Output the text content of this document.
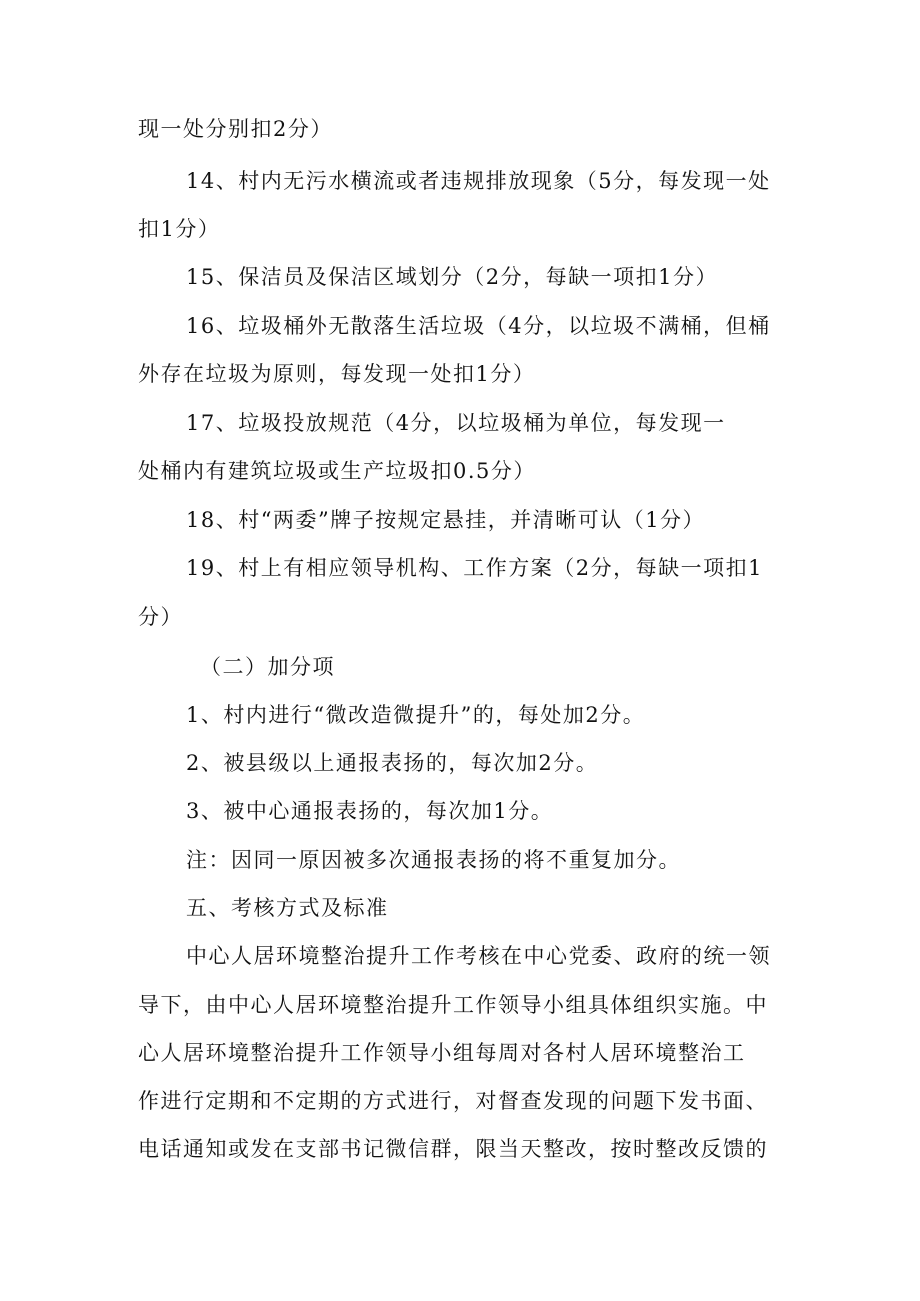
现一处分别扣2分）
14、村内无污水横流或者违规排放现象（5分，每发现一处
扣1分）
15、保洁员及保洁区域划分（2分，每缺一项扣1分）
16、垃圾桶外无散落生活垃圾（4分，以垃圾不满桶，但桶
外存在垃圾为原则，每发现一处扣1分）
17、垃圾投放规范（4分，以垃圾桶为单位，每发现一
处桶内有建筑垃圾或生产垃圾扣0.5分）
18、村“两委”牌子按规定悬挂，并清晰可认（1分）
19、村上有相应领导机构、工作方案（2分，每缺一项扣1
分）
（二）加分项
1、村内进行“微改造微提升”的，每处加2分。
2、被县级以上通报表扬的，每次加2分。
3、被中心通报表扬的，每次加1分。
注：因同一原因被多次通报表扬的将不重复加分。
五、考核方式及标准
中心人居环境整治提升工作考核在中心党委、政府的统一领
导下，由中心人居环境整治提升工作领导小组具体组织实施。中
心人居环境整治提升工作领导小组每周对各村人居环境整治工
作进行定期和不定期的方式进行，对督查发现的问题下发书面、
电话通知或发在支部书记微信群，限当天整改，按时整改反馈的
